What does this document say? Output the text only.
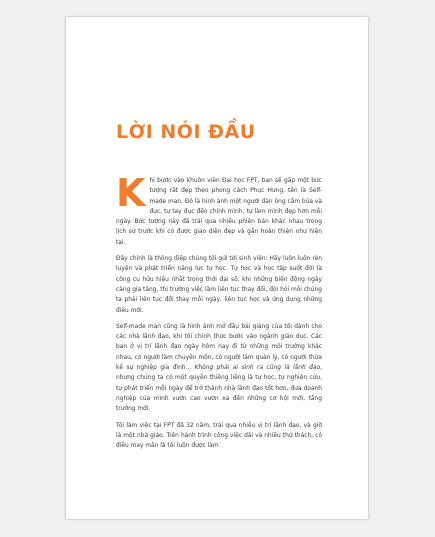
LỜI NÓI ĐẦU

Khi bước vào khuôn viên Đại học FPT, bạn sẽ gặp một bức tượng rất đẹp theo phong cách Phục Hưng, tên là Self-made man. Đó là hình ảnh một người đàn ông cầm búa và đục, tự tay đục đẽo chính mình, tự làm mình đẹp hơn mỗi ngày. Bức tượng này đã trải qua nhiều phiên bản khác nhau trong lịch sử trước khi có được giao diện đẹp và gần hoàn thiện như hiện tại.

Đây chính là thông điệp chúng tôi gửi tới sinh viên: Hãy luôn luôn rèn luyện và phát triển năng lực tự học. Tự học và học tập suốt đời là công cụ hữu hiệu nhất trong thời đại số, khi những biến động ngày càng gia tăng, thị trường việc làm liên tục thay đổi, đòi hỏi mỗi chúng ta phải liên tục đổi thay mỗi ngày, liên tục học và ứng dụng những điều mới.

Self-made man cũng là hình ảnh mở đầu bài giảng của tôi dành cho các nhà lãnh đạo, khi tôi chính thức bước vào ngành giáo dục. Các bạn ở vị trí lãnh đạo ngày hôm nay đi từ những môi trường khác nhau, có người làm chuyên môn, có người làm quản lý, có người thừa kế sự nghiệp gia đình... Không phải ai sinh ra cũng là lãnh đạo, nhưng chúng ta có một quyền thiêng liêng là tự học, tự nghiên cứu, tự phát triển mỗi ngày để trở thành nhà lãnh đạo tốt hơn, đưa doanh nghiệp của mình vươn cao vươn xa đến những cơ hội mới, tầng trưởng mới.

Tôi làm việc tại FPT đã 32 năm, trải qua nhiều vị trí lãnh đạo, và giờ là một nhà giáo. Trên hành trình công việc dài và nhiều thử thách, có điều may mắn là tôi luôn được làm
